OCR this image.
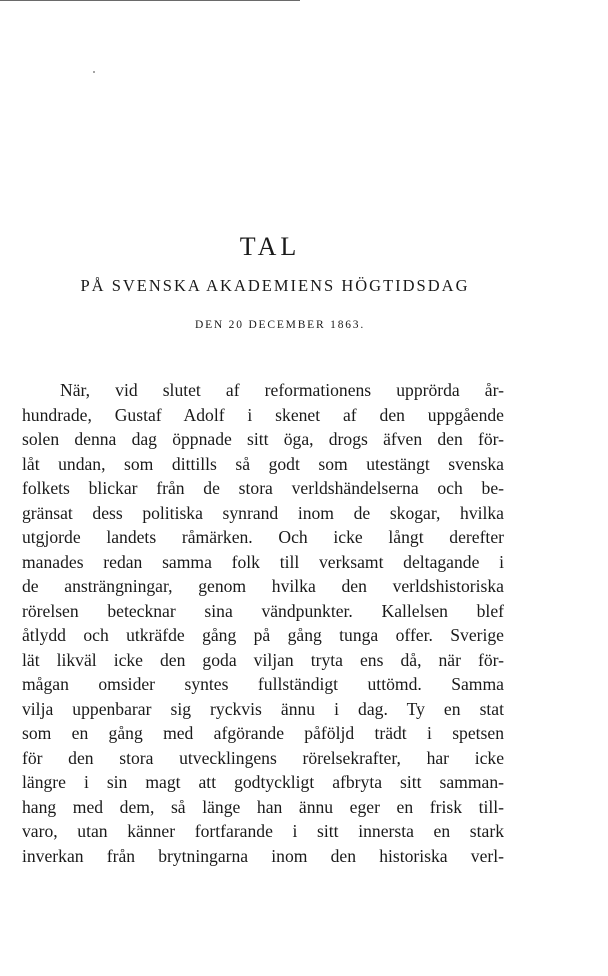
TAL

PÅ SVENSKA AKADEMIENS HÖGTIDSDAG

DEN 20 DECEMBER 1863.

När, vid slutet af reformationens upprörda år-
hundrade, Gustaf Adolf i skenet af den uppgående
solen denna dag öppnade sitt öga, drogs äfven den för-
låt undan, som dittills så godt som utestängt svenska
folkets blickar från de stora verldshändelserna och be-
gränsat dess politiska synrand inom de skogar, hvilka
utgjorde landets råmärken. Och icke långt derefter
manades redan samma folk till verksamt deltagande i
de ansträngningar, genom hvilka den verldshistoriska
rörelsen betecknar sina vändpunkter. Kallelsen blef
åtlydd och utkräfde gång på gång tunga offer. Sverige
lät likväl icke den goda viljan tryta ens då, när för-
mågan omsider syntes fullständigt uttömd. Samma
vilja uppenbarar sig ryckvis ännu i dag. Ty en stat
som en gång med afgörande påföljd trädt i spetsen
för den stora utvecklingens rörelsekrafter, har icke
längre i sin magt att godtyckligt afbryta sitt samman-
hang med dem, så länge han ännu eger en frisk till-
varo, utan känner fortfarande i sitt innersta en stark
inverkan från brytningarna inom den historiska verl-
